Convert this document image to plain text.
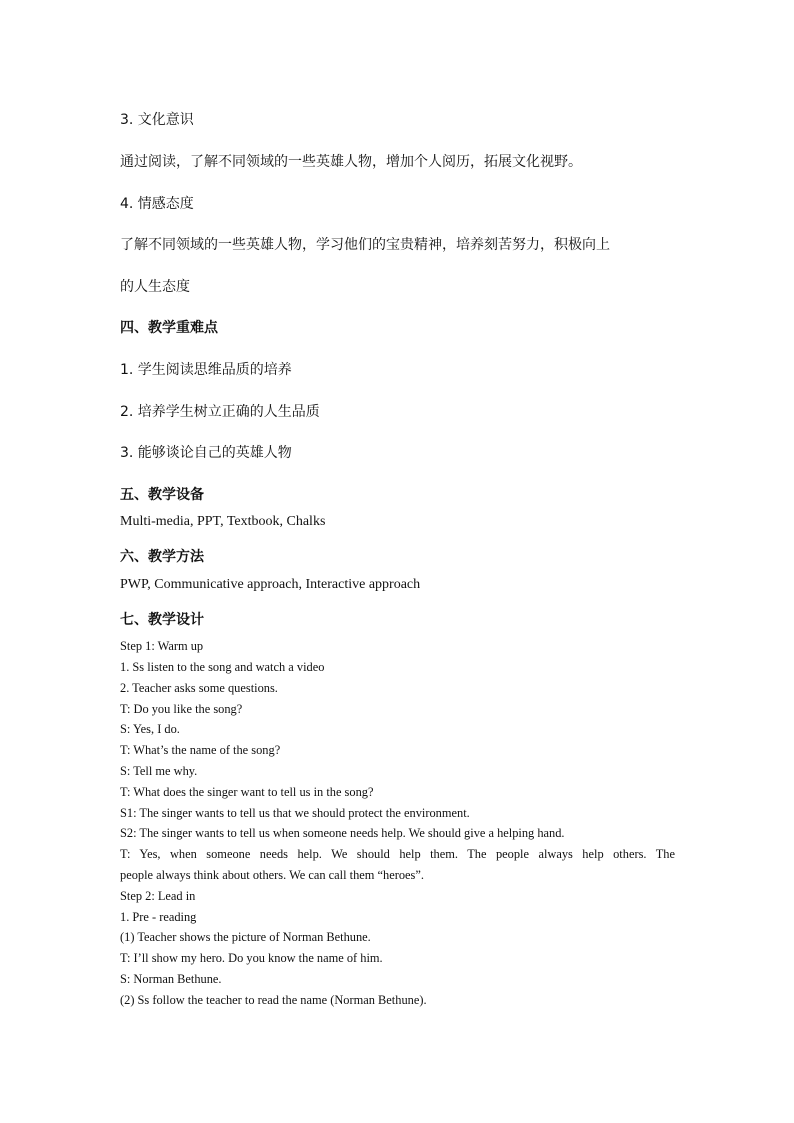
3. 文化意识

通过阅读，了解不同领域的一些英雄人物，增加个人阅历，拓展文化视野。

4. 情感态度

了解不同领域的一些英雄人物，学习他们的宝贵精神，培养刻苦努力，积极向上

的人生态度

四、教学重难点

1. 学生阅读思维品质的培养

2. 培养学生树立正确的人生品质

3. 能够谈论自己的英雄人物

五、教学设备

Multi-media, PPT, Textbook, Chalks

六、教学方法

PWP, Communicative approach, Interactive approach

七、教学设计

Step 1: Warm up

1. Ss listen to the song and watch a video

2. Teacher asks some questions.

T: Do you like the song?

S: Yes, I do.

T: What’s the name of the song?

S: Tell me why.

T: What does the singer want to tell us in the song?

S1: The singer wants to tell us that we should protect the environment.

S2: The singer wants to tell us when someone needs help. We should give a helping hand.

T: Yes, when someone needs help. We should help them. The people always help others. The

people always think about others. We can call them “heroes”.

Step 2: Lead in

1. Pre - reading

(1) Teacher shows the picture of Norman Bethune.

T: I’ll show my hero. Do you know the name of him.

S: Norman Bethune.

(2) Ss follow the teacher to read the name (Norman Bethune).
